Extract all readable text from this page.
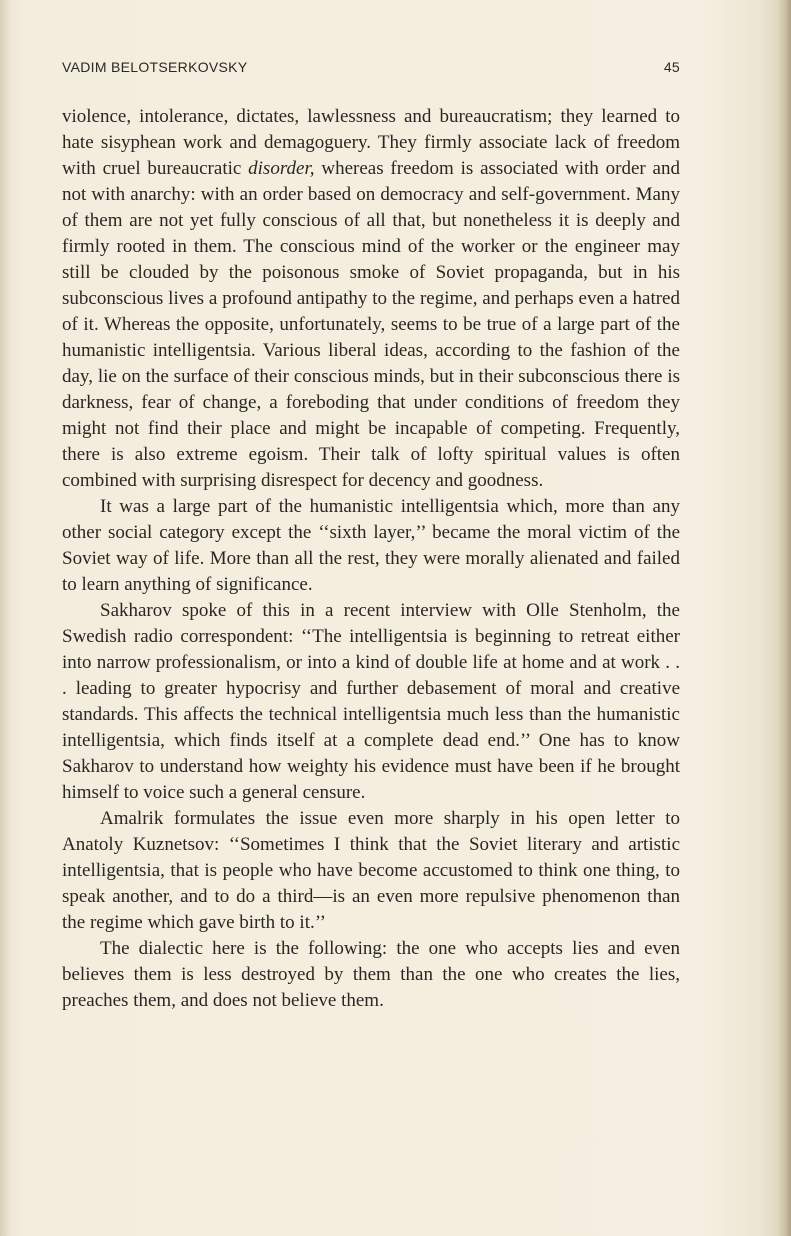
VADIM BELOTSERKOVSKY	45

violence, intolerance, dictates, lawlessness and bureaucratism; they learned to hate sisyphean work and demagoguery. They firmly associate lack of freedom with cruel bureaucratic disorder, whereas freedom is associated with order and not with anarchy: with an order based on democracy and self-government. Many of them are not yet fully conscious of all that, but nonetheless it is deeply and firmly rooted in them. The conscious mind of the worker or the engineer may still be clouded by the poisonous smoke of Soviet propaganda, but in his subconscious lives a profound antipathy to the regime, and perhaps even a hatred of it. Whereas the opposite, unfortunately, seems to be true of a large part of the humanistic intelligentsia. Various liberal ideas, according to the fashion of the day, lie on the surface of their conscious minds, but in their subconscious there is darkness, fear of change, a foreboding that under conditions of freedom they might not find their place and might be incapable of competing. Frequently, there is also extreme egoism. Their talk of lofty spiritual values is often combined with surprising disrespect for decency and goodness.

It was a large part of the humanistic intelligentsia which, more than any other social category except the ‘‘sixth layer,’’ became the moral victim of the Soviet way of life. More than all the rest, they were morally alienated and failed to learn anything of significance.

Sakharov spoke of this in a recent interview with Olle Stenholm, the Swedish radio correspondent: ‘‘The intelligentsia is beginning to retreat either into narrow professionalism, or into a kind of double life at home and at work . . . leading to greater hypocrisy and further debasement of moral and creative standards. This affects the technical intelligentsia much less than the humanistic intelligentsia, which finds itself at a complete dead end.’’ One has to know Sakharov to understand how weighty his evidence must have been if he brought himself to voice such a general censure.

Amalrik formulates the issue even more sharply in his open letter to Anatoly Kuznetsov: ‘‘Sometimes I think that the Soviet literary and artistic intelligentsia, that is people who have become accustomed to think one thing, to speak another, and to do a third—is an even more repulsive phenomenon than the regime which gave birth to it.’’

The dialectic here is the following: the one who accepts lies and even believes them is less destroyed by them than the one who creates the lies, preaches them, and does not believe them.
